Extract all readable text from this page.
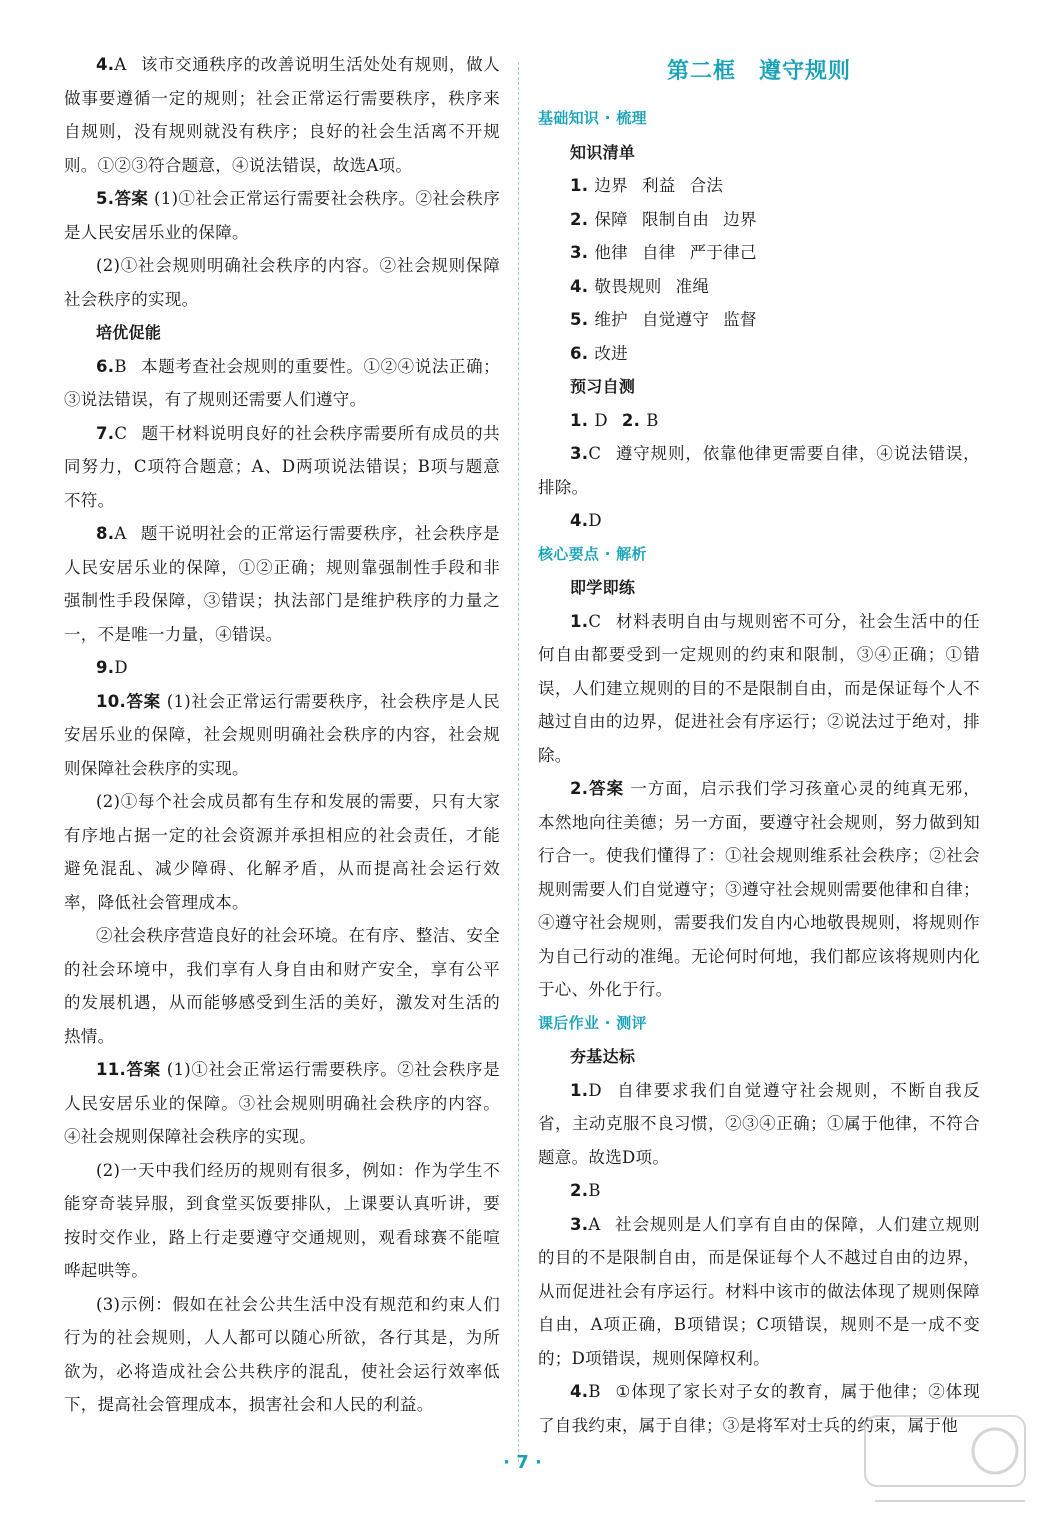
4.A 该市交通秩序的改善说明生活处处有规则，做人做事要遵循一定的规则；社会正常运行需要秩序，秩序来自规则，没有规则就没有秩序；良好的社会生活离不开规则。①②③符合题意，④说法错误，故选A项。

5.答案 (1)①社会正常运行需要社会秩序。②社会秩序是人民安居乐业的保障。

(2)①社会规则明确社会秩序的内容。②社会规则保障社会秩序的实现。

培优促能

6.B 本题考查社会规则的重要性。①②④说法正确；③说法错误，有了规则还需要人们遵守。

7.C 题干材料说明良好的社会秩序需要所有成员的共同努力，C项符合题意；A、D两项说法错误；B项与题意不符。

8.A 题干说明社会的正常运行需要秩序，社会秩序是人民安居乐业的保障，①②正确；规则靠强制性手段和非强制性手段保障，③错误；执法部门是维护秩序的力量之一，不是唯一力量，④错误。

9.D

10.答案 (1)社会正常运行需要秩序，社会秩序是人民安居乐业的保障，社会规则明确社会秩序的内容，社会规则保障社会秩序的实现。

(2)①每个社会成员都有生存和发展的需要，只有大家有序地占据一定的社会资源并承担相应的社会责任，才能避免混乱、减少障碍、化解矛盾，从而提高社会运行效率，降低社会管理成本。

②社会秩序营造良好的社会环境。在有序、整洁、安全的社会环境中，我们享有人身自由和财产安全，享有公平的发展机遇，从而能够感受到生活的美好，激发对生活的热情。

11.答案 (1)①社会正常运行需要秩序。②社会秩序是人民安居乐业的保障。③社会规则明确社会秩序的内容。④社会规则保障社会秩序的实现。

(2)一天中我们经历的规则有很多，例如：作为学生不能穿奇装异服，到食堂买饭要排队，上课要认真听讲，要按时交作业，路上行走要遵守交通规则，观看球赛不能喧哗起哄等。

(3)示例：假如在社会公共生活中没有规范和约束人们行为的社会规则，人人都可以随心所欲，各行其是，为所欲为，必将造成社会公共秩序的混乱，使社会运行效率低下，提高社会管理成本，损害社会和人民的利益。

第二框　遵守规则

基础知识 · 梳理

知识清单

1. 边界 利益 合法

2. 保障 限制自由 边界

3. 他律 自律 严于律己

4. 敬畏规则 准绳

5. 维护 自觉遵守 监督

6. 改进

预习自测

1. D 2. B

3.C 遵守规则，依靠他律更需要自律，④说法错误，排除。

4.D

核心要点 · 解析

即学即练

1.C 材料表明自由与规则密不可分，社会生活中的任何自由都要受到一定规则的约束和限制，③④正确；①错误，人们建立规则的目的不是限制自由，而是保证每个人不越过自由的边界，促进社会有序运行；②说法过于绝对，排除。

2.答案 一方面，启示我们学习孩童心灵的纯真无邪，本然地向往美德；另一方面，要遵守社会规则，努力做到知行合一。使我们懂得了：①社会规则维系社会秩序；②社会规则需要人们自觉遵守；③遵守社会规则需要他律和自律；④遵守社会规则，需要我们发自内心地敬畏规则，将规则作为自己行动的准绳。无论何时何地，我们都应该将规则内化于心、外化于行。

课后作业 · 测评

夯基达标

1.D 自律要求我们自觉遵守社会规则，不断自我反省，主动克服不良习惯，②③④正确；①属于他律，不符合题意。故选D项。

2.B

3.A 社会规则是人们享有自由的保障，人们建立规则的目的不是限制自由，而是保证每个人不越过自由的边界，从而促进社会有序运行。材料中该市的做法体现了规则保障自由，A项正确，B项错误；C项错误，规则不是一成不变的；D项错误，规则保障权利。

4.B ①体现了家长对子女的教育，属于他律；②体现了自我约束，属于自律；③是将军对士兵的约束，属于他

· 7 ·
